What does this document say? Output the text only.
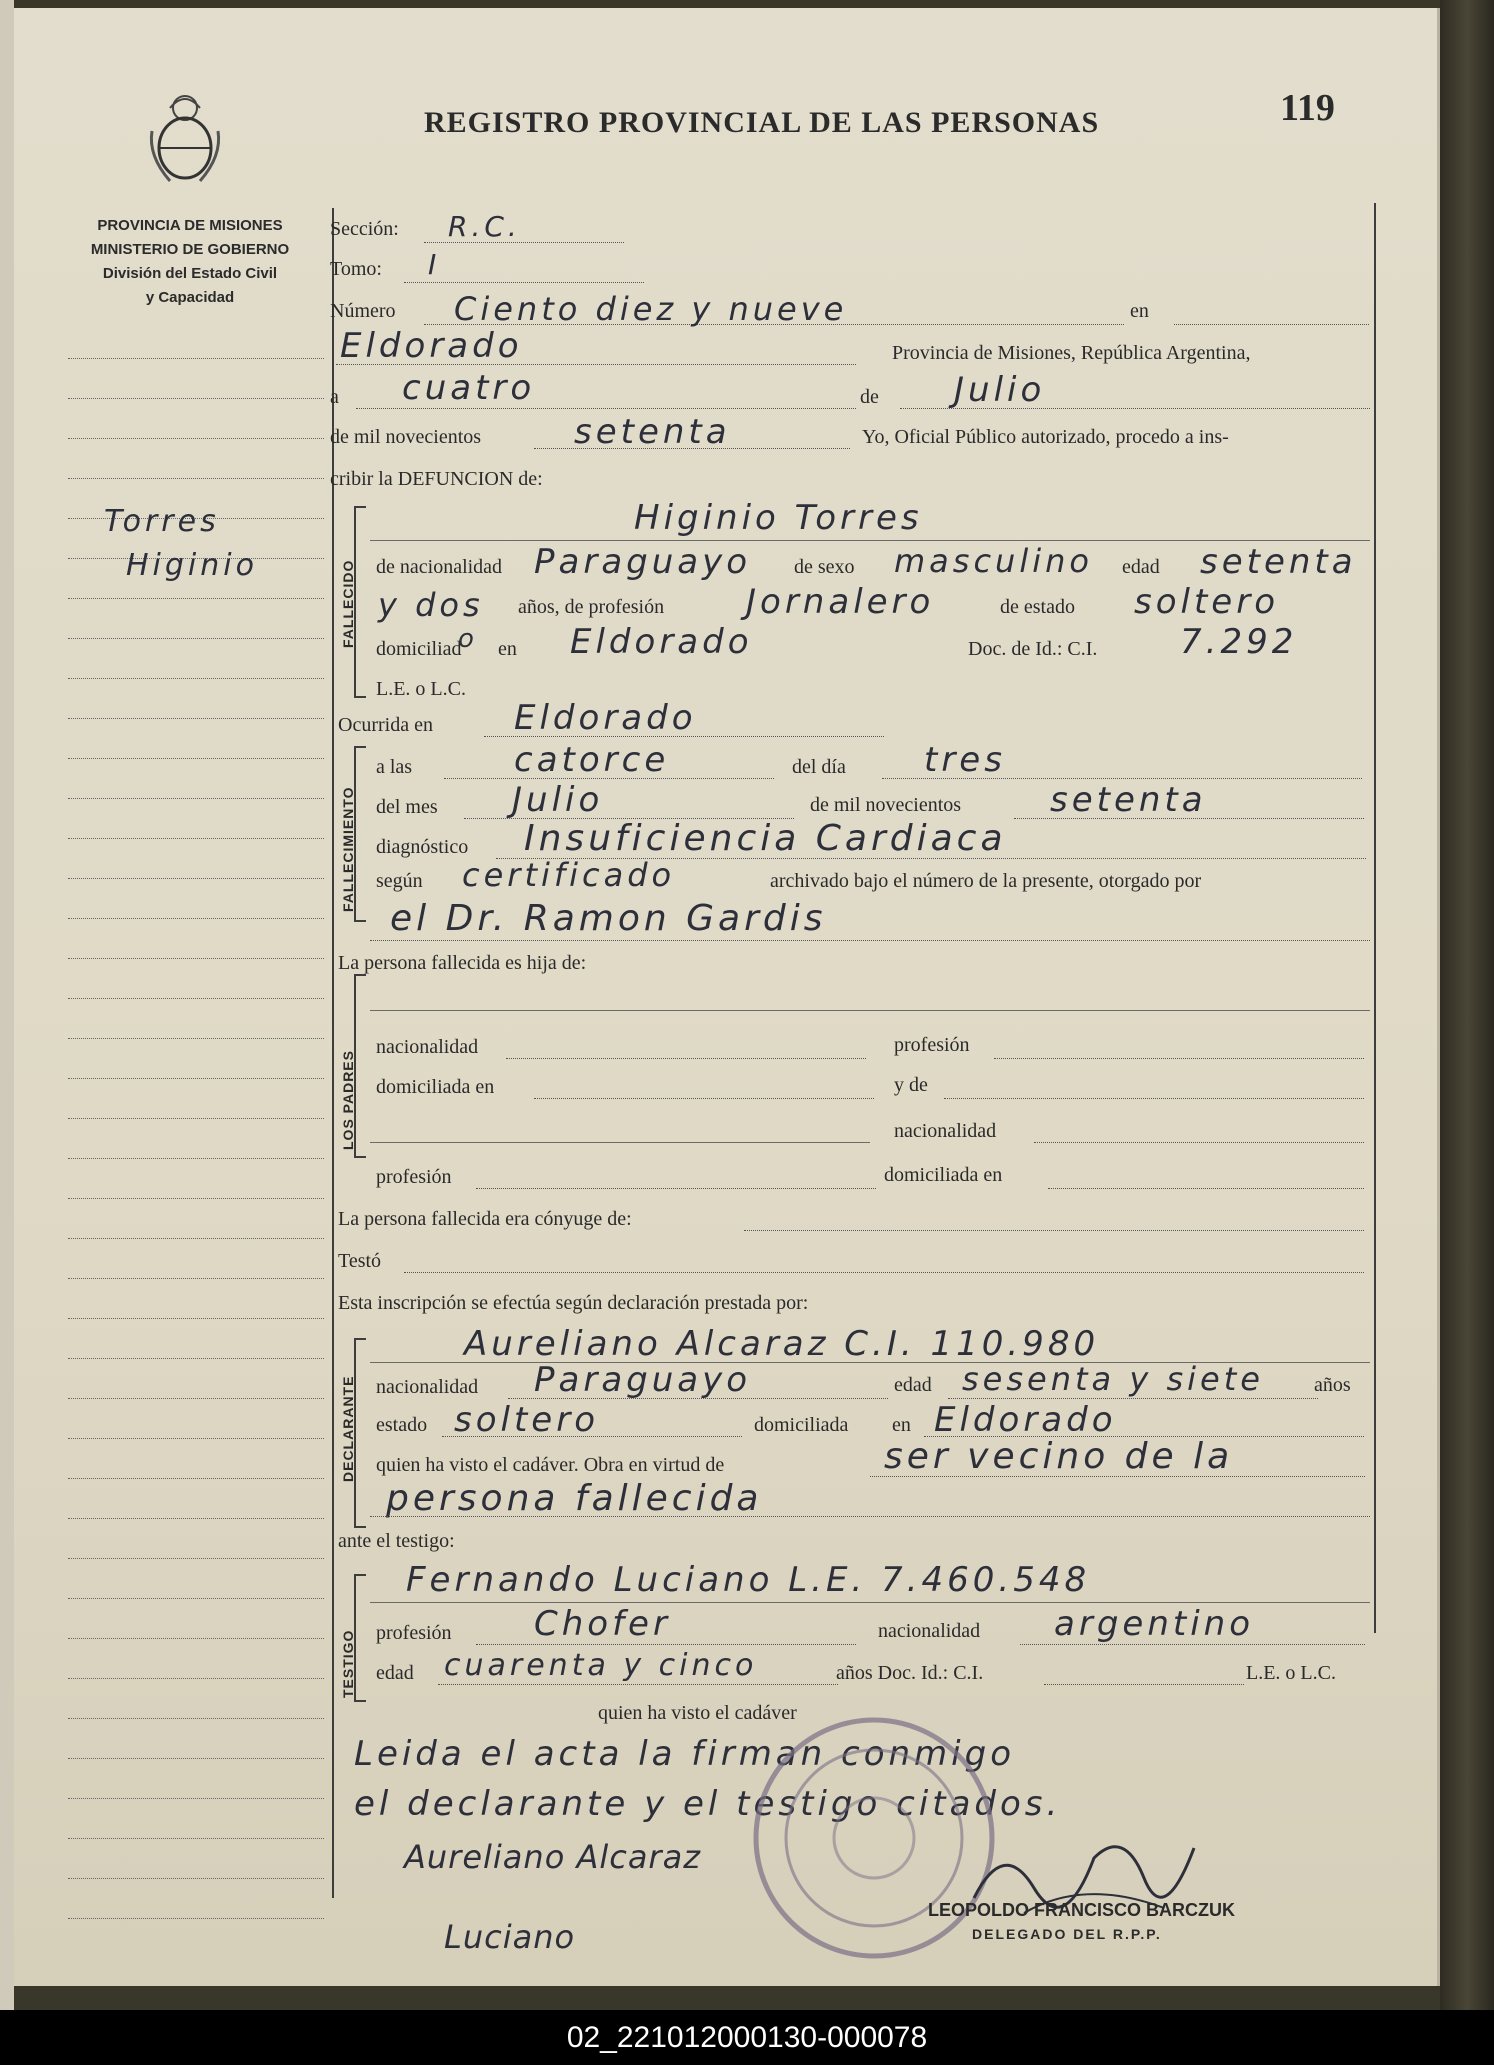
REGISTRO PROVINCIAL DE LAS PERSONAS	119
PROVINCIA DE MISIONES
MINISTERIO DE GOBIERNO
División del Estado Civil
y Capacidad
Torres
Higinio
Sección: R.C.
Tomo: I
Número Ciento diez y nueve	en
Eldorado	Provincia de Misiones, República Argentina,
a cuatro	de Julio
de mil novecientos	setenta	Yo, Oficial Público autorizado, procedo a ins-
cribir la DEFUNCION de:
FALLECIDO
Higinio Torres
de nacionalidad Paraguayo de sexo masculino edad setenta
y dos años, de profesión Jornalero	de estado soltero
domiciliad
o en Eldorado	Doc. de Id.: C.I. 7.292
L.E. o L.C.
Ocurrida en Eldorado
FALLECIMIENTO
a las	catorce	del día tres
del mes Julio	de mil novecientos	setenta
diagnóstico Insuficiencia Cardiaca
según certificado	archivado bajo el número de la presente, otorgado por
el Dr. Ramon Gardis
La persona fallecida es hija de:
LOS PADRES
nacionalidad	profesión
domiciliada en	y de
nacionalidad
profesión	domiciliada en
La persona fallecida era cónyuge de:
Testó
Esta inscripción se efectúa según declaración prestada por:
DECLARANTE
Aureliano Alcaraz C.I. 110.980
nacionalidad Paraguayo	edad sesenta y siete	años
estado soltero	domiciliada en Eldorado
quien ha visto el cadáver. Obra en virtud de	ser vecino de la
persona fallecida
ante el testigo:
TESTIGO
Fernando Luciano L.E. 7.460.548
profesión Chofer	nacionalidad argentino
edad cuarenta y cinco	años Doc. Id.: C.I.	L.E. o L.C.
quien ha visto el cadáver
Leida el acta la firman conmigo
el declarante y el testigo citados.
Aureliano Alcaraz
Luciano
LEOPOLDO FRANCISCO BARCZUK
DELEGADO DEL R.P.P.
02_221012000130-000078
